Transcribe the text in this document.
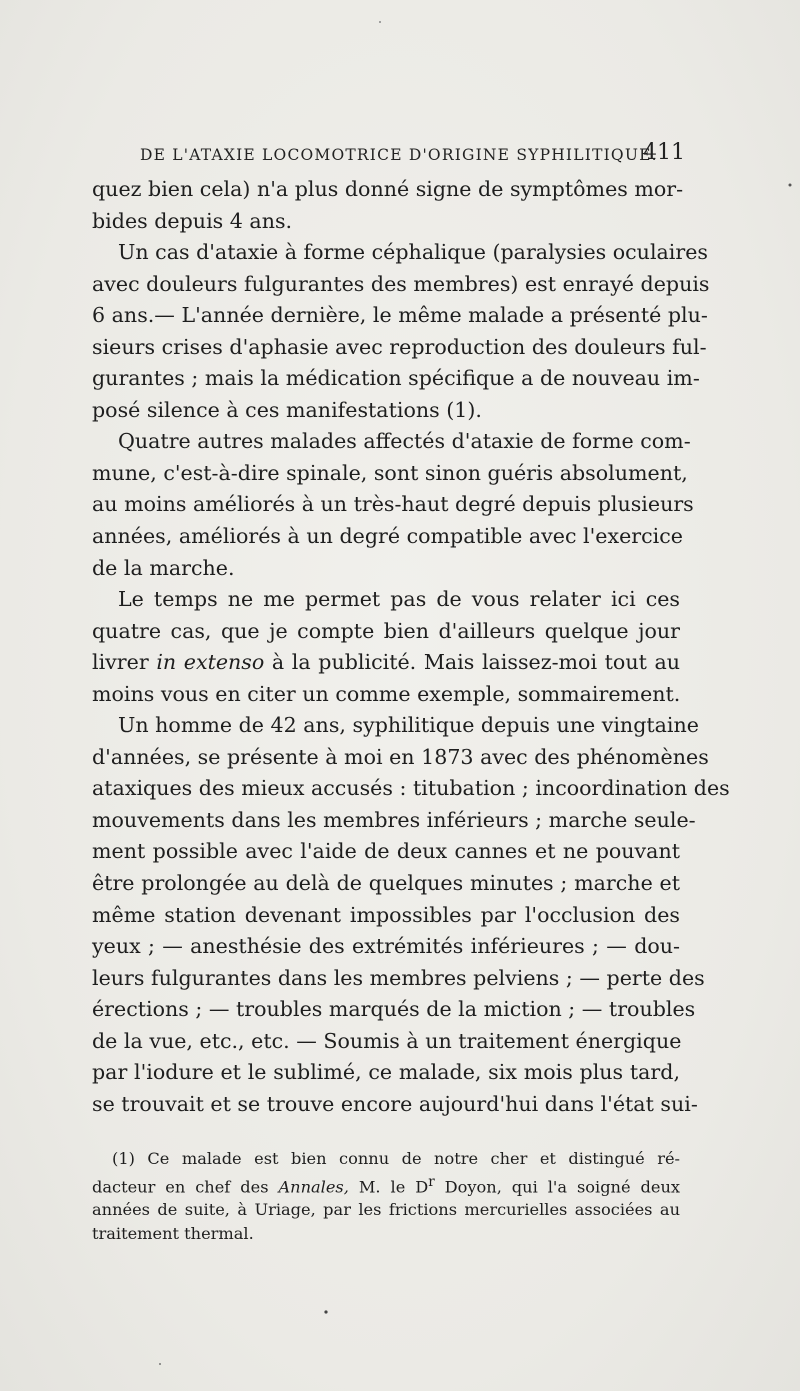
DE L'ATAXIE LOCOMOTRICE D'ORIGINE SYPHILITIQUE.
411
quez bien cela) n'a plus donné signe de symptômes mor-
bides depuis 4 ans.
Un cas d'ataxie à forme céphalique (paralysies oculaires
avec douleurs fulgurantes des membres) est enrayé depuis
6 ans.— L'année dernière, le même malade a présenté plu-
sieurs crises d'aphasie avec reproduction des douleurs ful-
gurantes ; mais la médication spécifique a de nouveau im-
posé silence à ces manifestations (1).
Quatre autres malades affectés d'ataxie de forme com-
mune, c'est-à-dire spinale, sont sinon guéris absolument,
au moins améliorés à un très-haut degré depuis plusieurs
années, améliorés à un degré compatible avec l'exercice
de la marche.
Le temps ne me permet pas de vous relater ici ces
quatre cas, que je compte bien d'ailleurs quelque jour
livrer in extenso à la publicité. Mais laissez-moi tout au
moins vous en citer un comme exemple, sommairement.
Un homme de 42 ans, syphilitique depuis une vingtaine
d'années, se présente à moi en 1873 avec des phénomènes
ataxiques des mieux accusés : titubation ; incoordination des
mouvements dans les membres inférieurs ; marche seule-
ment possible avec l'aide de deux cannes et ne pouvant
être prolongée au delà de quelques minutes ; marche et
même station devenant impossibles par l'occlusion des
yeux ; — anesthésie des extrémités inférieures ; — dou-
leurs fulgurantes dans les membres pelviens ; — perte des
érections ; — troubles marqués de la miction ; — troubles
de la vue, etc., etc. — Soumis à un traitement énergique
par l'iodure et le sublimé, ce malade, six mois plus tard,
se trouvait et se trouve encore aujourd'hui dans l'état sui-
(1) Ce malade est bien connu de notre cher et distingué ré-
dacteur en chef des Annales, M. le $D^r$ Doyon, qui l'a soigné deux
années de suite, à Uriage, par les frictions mercurielles associées au
traitement thermal.
